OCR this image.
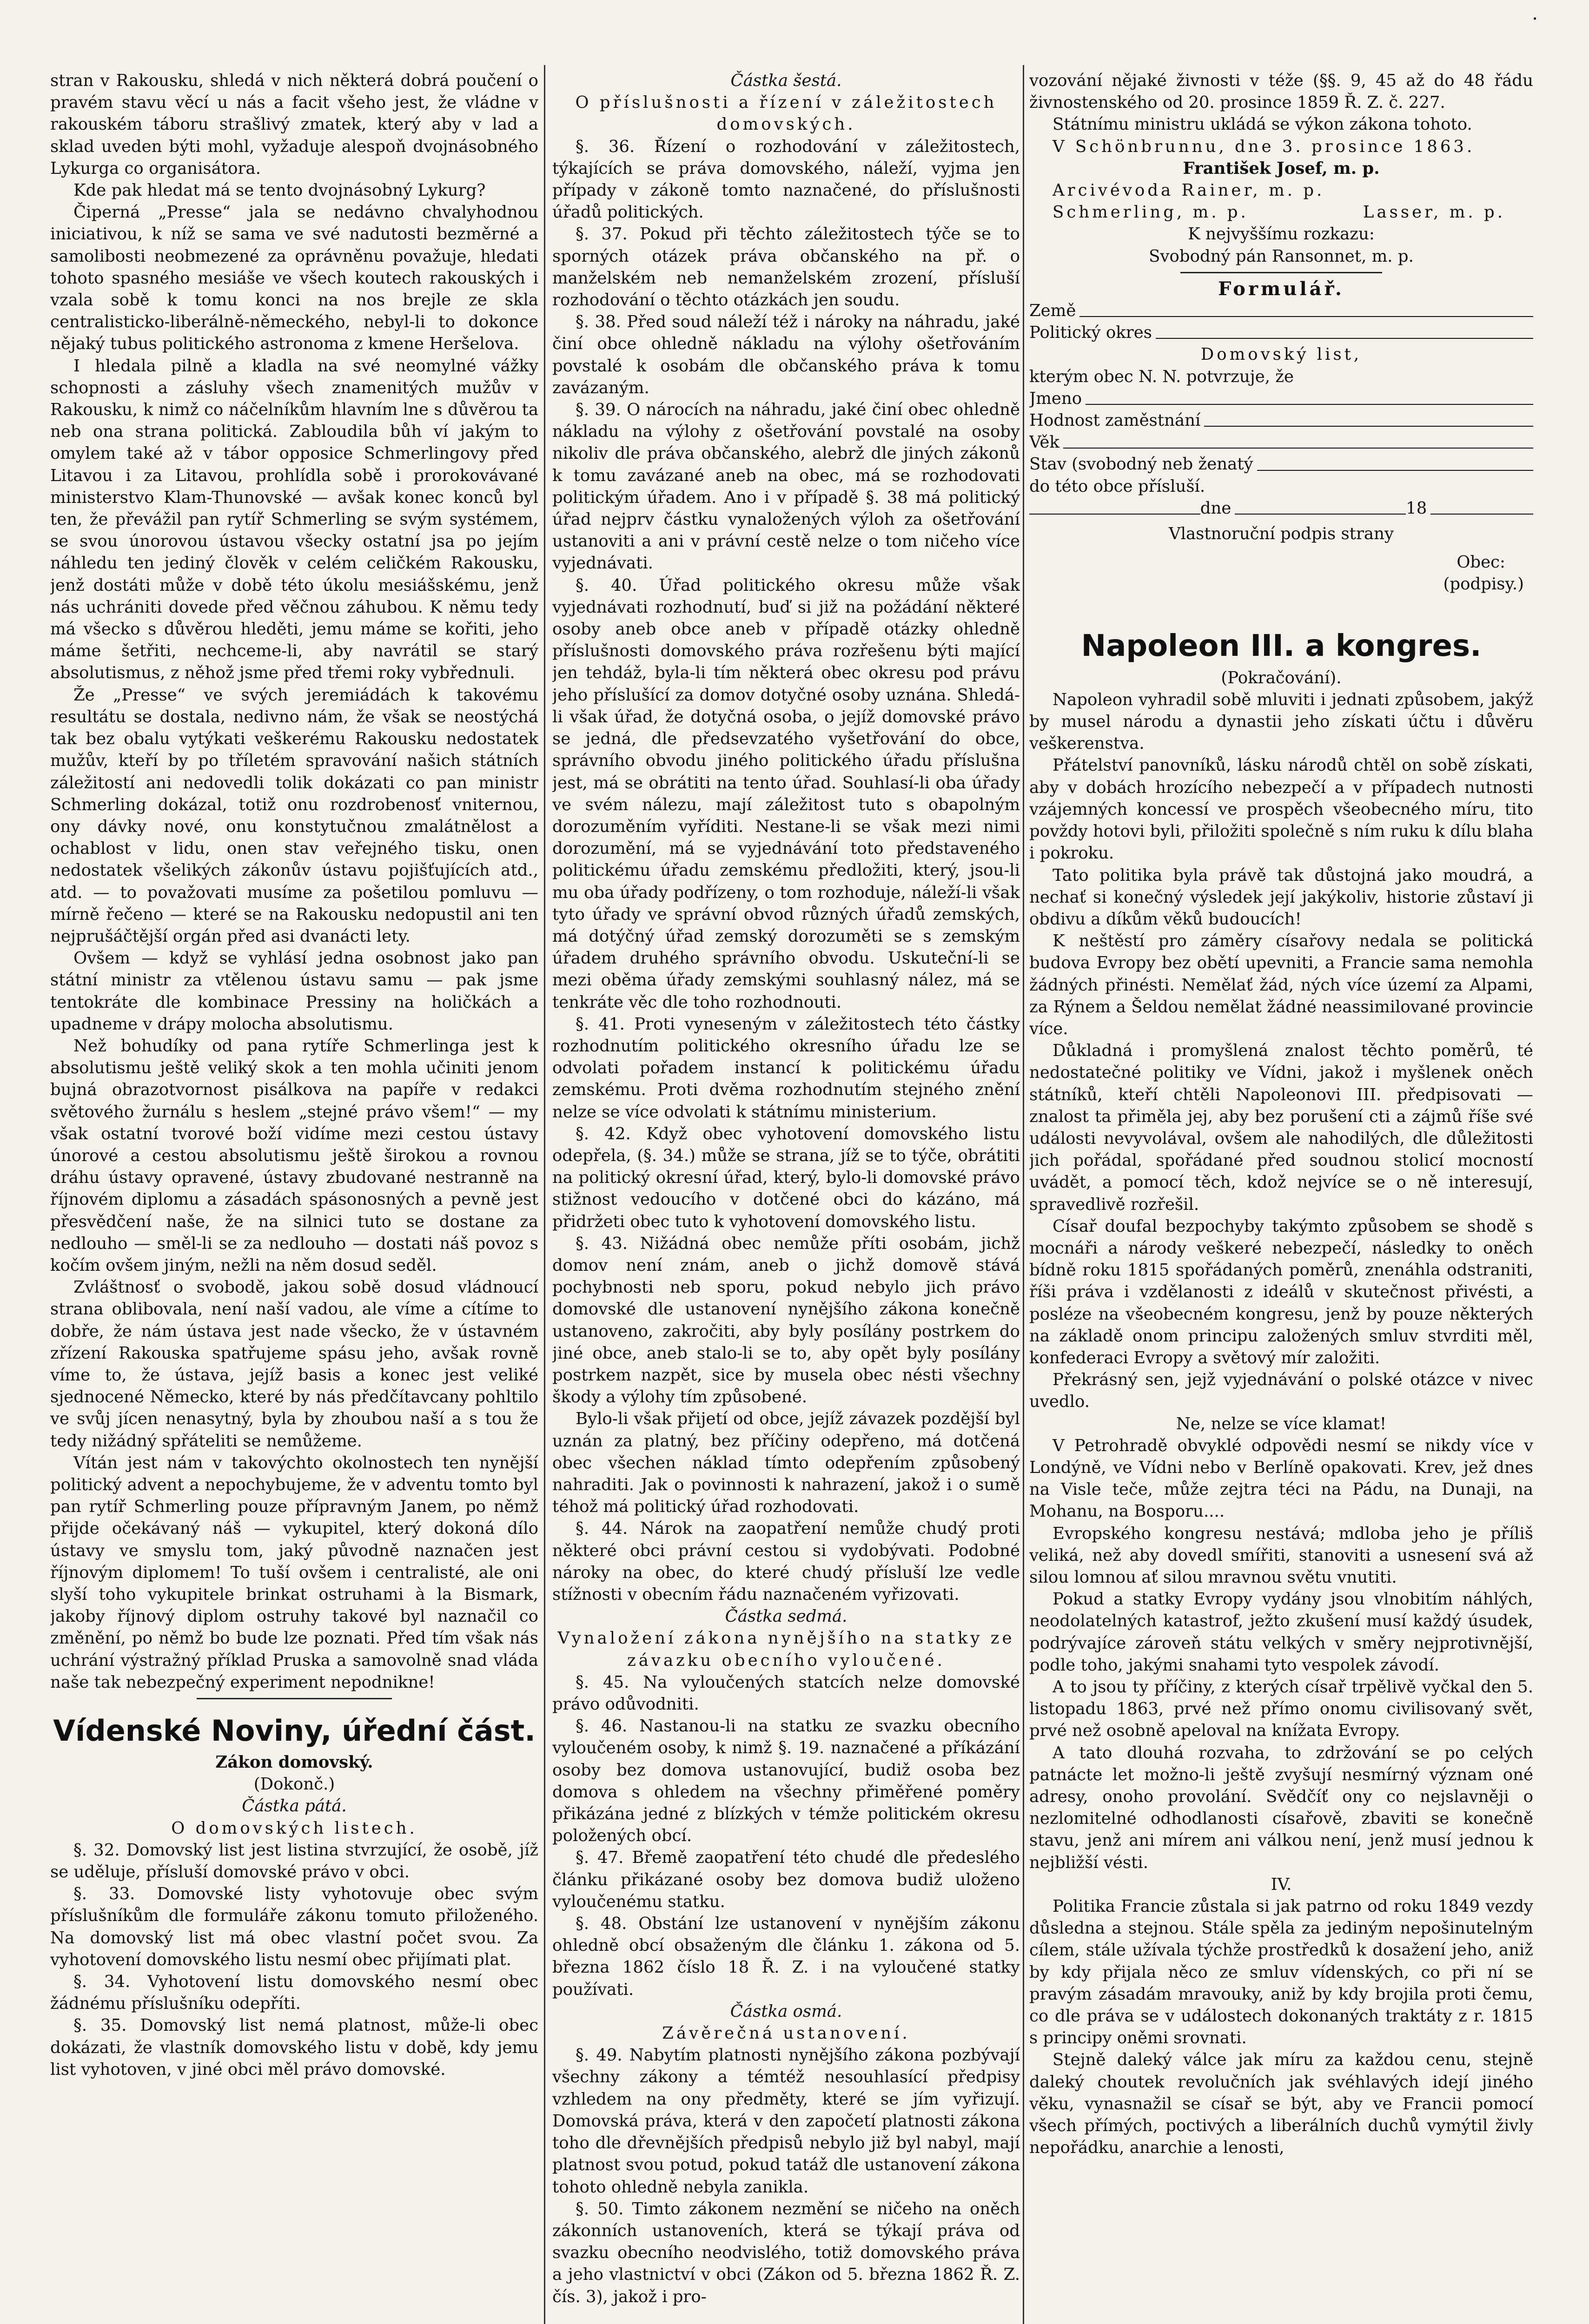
·

stran v Rakousku, shledá v nich některá dobrá poučení o pravém stavu věcí u nás a facit všeho jest, že vládne v rakouském táboru strašlivý zmatek, který aby v lad a sklad uveden býti mohl, vyžaduje alespoň dvojnásobného Lykurga co organisátora.

Kde pak hledat má se tento dvojnásobný Lykurg?

Čiperná „Presse“ jala se nedávno chvalyhodnou iniciativou, k níž se sama ve své nadutosti bezměrné a samolibosti neobmezené za oprávněnu považuje, hledati tohoto spasného mesiáše ve všech koutech rakouských i vzala sobě k tomu konci na nos brejle ze skla centralisticko-liberálně-německého, nebyl-li to dokonce nějaký tubus politického astronoma z kmene Heršelova.

I hledala pilně a kladla na své neomylné vážky schopnosti a zásluhy všech znamenitých mužův v Rakousku, k nimž co náčelníkům hlavním lne s důvěrou ta neb ona strana politická. Zabloudila bůh ví jakým to omylem také až v tábor opposice Schmerlingovy před Litavou i za Litavou, prohlídla sobě i prorokovávané ministerstvo Klam-Thunovské — avšak konec konců byl ten, že převážil pan rytíř Schmerling se svým systémem, se svou únorovou ústavou všecky ostatní jsa po jejím náhledu ten jediný člověk v celém celičkém Rakousku, jenž dostáti může v době této úkolu mesiášskému, jenž nás uchrániti dovede před věčnou záhubou. K němu tedy má všecko s důvěrou hleděti, jemu máme se kořiti, jeho máme šetřiti, nechceme-li, aby navrátil se starý absolutismus, z něhož jsme před třemi roky vybřednuli.

Že „Presse“ ve svých jeremiádách k takovému resultátu se dostala, nedivno nám, že však se neostýchá tak bez obalu vytýkati veškerému Rakousku nedostatek mužův, kteří by po tříletém spravování našich státních záležitostí ani nedovedli tolik dokázati co pan ministr Schmerling dokázal, totiž onu rozdrobenosť vniternou, ony dávky nové, onu konstytučnou zmalátnělost a ochablost v lidu, onen stav veřejného tisku, onen nedostatek všelikých zákonův ústavu pojišťujících atd., atd. — to považovati musíme za pošetilou pomluvu — mírně řečeno — které se na Rakousku nedopustil ani ten nejprušáčtější orgán před asi dvanácti lety.

Ovšem — když se vyhlásí jedna osobnost jako pan státní ministr za vtělenou ústavu samu — pak jsme tentokráte dle kombinace Pressiny na holičkách a upadneme v drápy molocha absolutismu.

Než bohudíky od pana rytíře Schmerlinga jest k absolutismu ještě veliký skok a ten mohla učiniti jenom bujná obrazotvornost pisálkova na papíře v redakci světového žurnálu s heslem „stejné právo všem!“ — my však ostatní tvorové boží vidíme mezi cestou ústavy únorové a cestou absolutismu ještě širokou a rovnou dráhu ústavy opravené, ústavy zbudované nestranně na říjnovém diplomu a zásadách spásonosných a pevně jest přesvědčení naše, že na silnici tuto se dostane za nedlouho — směl-li se za nedlouho — dostati náš povoz s kočím ovšem jiným, nežli na něm dosud seděl.

Zvláštnosť o svobodě, jakou sobě dosud vládnoucí strana oblibovala, není naší vadou, ale víme a cítíme to dobře, že nám ústava jest nade všecko, že v ústavném zřízení Rakouska spatřujeme spásu jeho, avšak rovně víme to, že ústava, jejíž basis a konec jest veliké sjednocené Německo, které by nás předčítavcany pohltilo ve svůj jícen nenasytný, byla by zhoubou naší a s tou že tedy nižádný spřáteliti se nemůžeme.

Vítán jest nám v takovýchto okolnostech ten nynější politický advent a nepochybujeme, že v adventu tomto byl pan rytíř Schmerling pouze přípravným Janem, po němž přijde očekávaný náš — vykupitel, který dokoná dílo ústavy ve smyslu tom, jaký původně naznačen jest říjnovým diplomem! To tuší ovšem i centralisté, ale oni slyší toho vykupitele brinkat ostruhami à la Bismark, jakoby říjnový diplom ostruhy takové byl naznačil co změnění, po němž bo bude lze poznati. Před tím však nás uchrání výstražný příklad Pruska a samovolně snad vláda naše tak nebezpečný experiment nepodnikne!

Vídenské Noviny, úřední část.

Zákon domovský.

(Dokonč.)

Částka pátá.

O domovských listech.

§. 32. Domovský list jest listina stvrzující, že osobě, jíž se uděluje, přísluší domovské právo v obci.

§. 33. Domovské listy vyhotovuje obec svým příslušníkům dle formuláře zákonu tomuto přiloženého. Na domovský list má obec vlastní počet svou. Za vyhotovení domovského listu nesmí obec přijímati plat.

§. 34. Vyhotovení listu domovského nesmí obec žádnému příslušníku odepříti.

§. 35. Domovský list nemá platnost, může-li obec dokázati, že vlastník domovského listu v době, kdy jemu list vyhotoven, v jiné obci měl právo domovské.

Částka šestá.

O příslušnosti a řízení v záležitostech domovských.

§. 36. Řízení o rozhodování v záležitostech, týkajících se práva domovského, náleží, vyjma jen případy v zákoně tomto naznačené, do příslušnosti úřadů politických.

§. 37. Pokud při těchto záležitostech týče se to sporných otázek práva občanského na př. o manželském neb nemanželském zrození, přísluší rozhodování o těchto otázkách jen soudu.

§. 38. Před soud náleží též i nároky na náhradu, jaké činí obce ohledně nákladu na výlohy ošetřováním povstalé k osobám dle občanského práva k tomu zavázaným.

§. 39. O nárocích na náhradu, jaké činí obec ohledně nákladu na výlohy z ošetřování povstalé na osoby nikoliv dle práva občanského, alebrž dle jiných zákonů k tomu zavázané aneb na obec, má se rozhodovati politickým úřadem. Ano i v případě §. 38 má politický úřad nejprv částku vynaložených výloh za ošetřování ustanoviti a ani v právní cestě nelze o tom ničeho více vyjednávati.

§. 40. Úřad politického okresu může však vyjednávati rozhodnutí, buď si již na požádání některé osoby aneb obce aneb v případě otázky ohledně příslušnosti domovského práva rozřešenu býti mající jen tehdáž, byla-li tím některá obec okresu pod právu jeho příslušící za domov dotyčné osoby uznána. Shledá-li však úřad, že dotyčná osoba, o jejíž domovské právo se jedná, dle předsevzatého vyšetřování do obce, správního obvodu jiného politického úřadu příslušna jest, má se obrátiti na tento úřad. Souhlasí-li oba úřady ve svém nálezu, mají záležitost tuto s obapolným dorozuměním vyříditi. Nestane-li se však mezi nimi dorozumění, má se vyjednávání toto představeného politickému úřadu zemskému předložiti, který, jsou-li mu oba úřady podřízeny, o tom rozhoduje, náleží-li však tyto úřady ve správní obvod různých úřadů zemských, má dotýčný úřad zemský dorozuměti se s zemským úřadem druhého správního obvodu. Uskuteční-li se mezi oběma úřady zemskými souhlasný nález, má se tenkráte věc dle toho rozhodnouti.

§. 41. Proti vyneseným v záležitostech této částky rozhodnutím politického okresního úřadu lze se odvolati pořadem instancí k politickému úřadu zemskému. Proti dvěma rozhodnutím stejného znění nelze se více odvolati k státnímu ministerium.

§. 42. Když obec vyhotovení domovského listu odepřela, (§. 34.) může se strana, jíž se to týče, obrátiti na politický okresní úřad, který, bylo-li domovské právo stižnost vedoucího v dotčené obci do kázáno, má přidržeti obec tuto k vyhotovení domovského listu.

§. 43. Nižádná obec nemůže příti osobám, jichž domov není znám, aneb o jichž domově stává pochybnosti neb sporu, pokud nebylo jich právo domovské dle ustanovení nynějšího zákona konečně ustanoveno, zakročiti, aby byly posílány postrkem do jiné obce, aneb stalo-li se to, aby opět byly posílány postrkem nazpět, sice by musela obec nésti všechny škody a výlohy tím způsobené.

Bylo-li však přijetí od obce, jejíž závazek pozdější byl uznán za platný, bez příčiny odepřeno, má dotčená obec všechen náklad tímto odepřením způsobený nahraditi. Jak o povinnosti k nahrazení, jakož i o sumě téhož má politický úřad rozhodovati.

§. 44. Nárok na zaopatření nemůže chudý proti některé obci právní cestou si vydobývati. Podobné nároky na obec, do které chudý přísluší lze vedle stížnosti v obecním řádu naznačeném vyřizovati.

Částka sedmá.

Vynaložení zákona nynějšího na statky ze závazku obecního vyloučené.

§. 45. Na vyloučených statcích nelze domovské právo odůvodniti.

§. 46. Nastanou-li na statku ze svazku obecního vyloučeném osoby, k nimž §. 19. naznačené a příkázání osoby bez domova ustanovující, budiž osoba bez domova s ohledem na všechny přiměřené poměry přikázána jedné z blízkých v témže politickém okresu položených obcí.

§. 47. Břemě zaopatření této chudé dle předeslého článku přikázané osoby bez domova budiž uloženo vyloučenému statku.

§. 48. Obstání lze ustanovení v nynějším zákonu ohledně obcí obsaženým dle článku 1. zákona od 5. března 1862 číslo 18 Ř. Z. i na vyloučené statky používati.

Částka osmá.

Závěrečná ustanovení.

§. 49. Nabytím platnosti nynějšího zákona pozbývají všechny zákony a témtéž nesouhlasící předpisy vzhledem na ony předměty, které se jím vyřizují. Domovská práva, která v den započetí platnosti zákona toho dle dřevnějších předpisů nebylo již byl nabyl, mají platnost svou potud, pokud tatáž dle ustanovení zákona tohoto ohledně nebyla zanikla.

§. 50. Timto zákonem nezmění se ničeho na oněch zákonních ustanoveních, která se týkají práva od svazku obecního neodvislého, totiž domovského práva a jeho vlastnictví v obci (Zákon od 5. března 1862 Ř. Z. čís. 3), jakož i pro-

vozování nějaké živnosti v téže (§§. 9, 45 až do 48 řádu živnostenského od 20. prosince 1859 Ř. Z. č. 227.

Státnímu ministru ukládá se výkon zákona tohoto.

V Schönbrunnu, dne 3. prosince 1863.

František Josef, m. p.

Arcivévoda Rainer, m. p.

Schmerling, m. p.	Lasser, m. p.

K nejvyššímu rozkazu:

Svobodný pán Ransonnet, m. p.

Formulář.

Země
Politický okres

Domovský list,

kterým obec N. N. potvrzuje, že

Jmeno
Hodnost zaměstnání
Věk
Stav (svobodný neb ženatý

do této obce přísluší.

dne	18

Vlastnoruční podpis strany

Obec:

(podpisy.)

Napoleon III. a kongres.

(Pokračování).

Napoleon vyhradil sobě mluviti i jednati způsobem, jakýž by musel národu a dynastii jeho získati účtu i důvěru veškerenstva.

Přátelství panovníků, lásku národů chtěl on sobě získati, aby v dobách hrozícího nebezpečí a v případech nutnosti vzájemných koncessí ve prospěch všeobecného míru, tito povždy hotovi byli, přiložiti společně s ním ruku k dílu blaha i pokroku.

Tato politika byla právě tak důstojná jako moudrá, a nechať si konečný výsledek její jakýkoliv, historie zůstaví ji obdivu a díkům věků budoucích!

K neštěstí pro záměry císařovy nedala se politická budova Evropy bez obětí upevniti, a Francie sama nemohla žádných přinésti. Nemělať žád, ných více území za Alpami, za Rýnem a Šeldou nemělat žádné neassimilované provincie více.

Důkladná i promyšlená znalost těchto poměrů, té nedostatečné politiky ve Vídni, jakož i myšlenek oněch státníků, kteří chtěli Napoleonovi III. předpisovati — znalost ta přiměla jej, aby bez porušení cti a zájmů říše své události nevyvolával, ovšem ale nahodilých, dle důležitosti jich pořádal, spořádané před soudnou stolicí mocností uvádět, a pomocí těch, kdož nejvíce se o ně interesují, spravedlivě rozřešil.

Císař doufal bezpochyby takýmto způsobem se shodě s mocnáři a národy veškeré nebezpečí, následky to oněch bídně roku 1815 spořádaných poměrů, znenáhla odstraniti, říši práva i vzdělanosti z ideálů v skutečnost přivésti, a posléze na všeobecném kongresu, jenž by pouze některých na základě onom principu založených smluv stvrditi měl, konfederaci Evropy a světový mír založiti.

Překrásný sen, jejž vyjednávání o polské otázce v nivec uvedlo.

Ne, nelze se více klamat!

V Petrohradě obvyklé odpovědi nesmí se nikdy více v Londýně, ve Vídni nebo v Berlíně opakovati. Krev, jež dnes na Visle teče, může zejtra téci na Pádu, na Dunaji, na Mohanu, na Bosporu....

Evropského kongresu nestává; mdloba jeho je příliš veliká, než aby dovedl smířiti, stanoviti a usnesení svá až silou lomnou ať silou mravnou světu vnutiti.

Pokud a statky Evropy vydány jsou vlnobitím náhlých, neodolatelných katastrof, ježto zkušení musí každý úsudek, podrývajíce zároveň státu velkých v směry nejprotivnější, podle toho, jakými snahami tyto vespolek závodí.

A to jsou ty příčiny, z kterých císař trpělivě vyčkal den 5. listopadu 1863, prvé než přímo onomu civilisovaný svět, prvé než osobně apeloval na knížata Evropy.

A tato dlouhá rozvaha, to zdržování se po celých patnácte let možno-li ještě zvyšují nesmírný význam oné adresy, onoho provolání. Svědčíť ony co nejslavněji o nezlomitelné odhodlanosti císařově, zbaviti se konečně stavu, jenž ani mírem ani válkou není, jenž musí jednou k nejbližší vésti.

IV.

Politika Francie zůstala si jak patrno od roku 1849 vezdy důsledna a stejnou. Stále spěla za jediným nepošinutelným cílem, stále užívala týchže prostředků k dosažení jeho, aniž by kdy přijala něco ze smluv vídenských, co při ní se pravým zásadám mravouky, aniž by kdy brojila proti čemu, co dle práva se v událostech dokonaných traktáty z r. 1815 s principy oněmi srovnati.

Stejně daleký válce jak míru za každou cenu, stejně daleký choutek revolučních jak svéhlavých idejí jiného věku, vynasnažil se císař se být, aby ve Francii pomocí všech přímých, poctivých a liberálních duchů vymýtil živly nepořádku, anarchie a lenosti,
